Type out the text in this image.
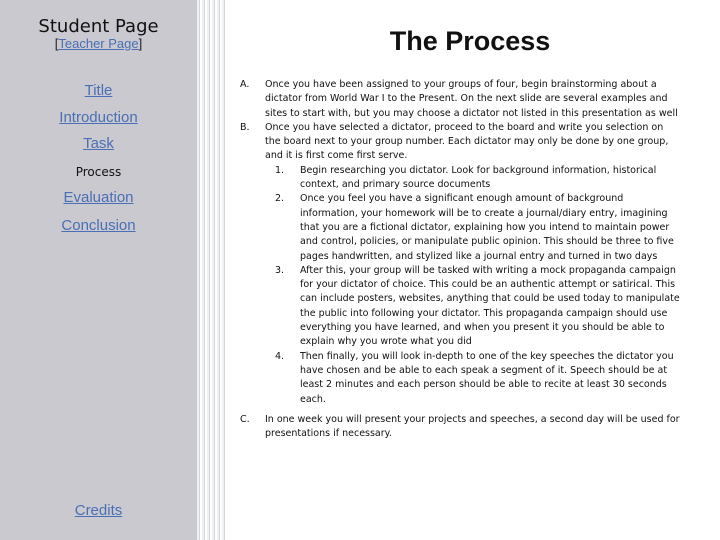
Student Page
[Teacher Page]
Title
Introduction
Task
Process
Evaluation
Conclusion
Credits
The Process
A. Once you have been assigned to your groups of four, begin brainstorming about a dictator from World War I to the Present. On the next slide are several examples and sites to start with, but you may choose a dictator not listed in this presentation as well
B. Once you have selected a dictator, proceed to the board and write you selection on the board next to your group number. Each dictator may only be done by one group, and it is first come first serve.
1. Begin researching you dictator. Look for background information, historical context, and primary source documents
2. Once you feel you have a significant enough amount of background information, your homework will be to create a journal/diary entry, imagining that you are a fictional dictator, explaining how you intend to maintain power and control, policies, or manipulate public opinion. This should be three to five pages handwritten, and stylized like a journal entry and turned in two days
3. After this, your group will be tasked with writing a mock propaganda campaign for your dictator of choice. This could be an authentic attempt or satirical. This can include posters, websites, anything that could be used today to manipulate the public into following your dictator. This propaganda campaign should use everything you have learned, and when you present it you should be able to explain why you wrote what you did
4. Then finally, you will look in-depth to one of the key speeches the dictator you have chosen and be able to each speak a segment of it. Speech should be at least 2 minutes and each person should be able to recite at least 30 seconds each.
C. In one week you will present your projects and speeches, a second day will be used for presentations if necessary.
